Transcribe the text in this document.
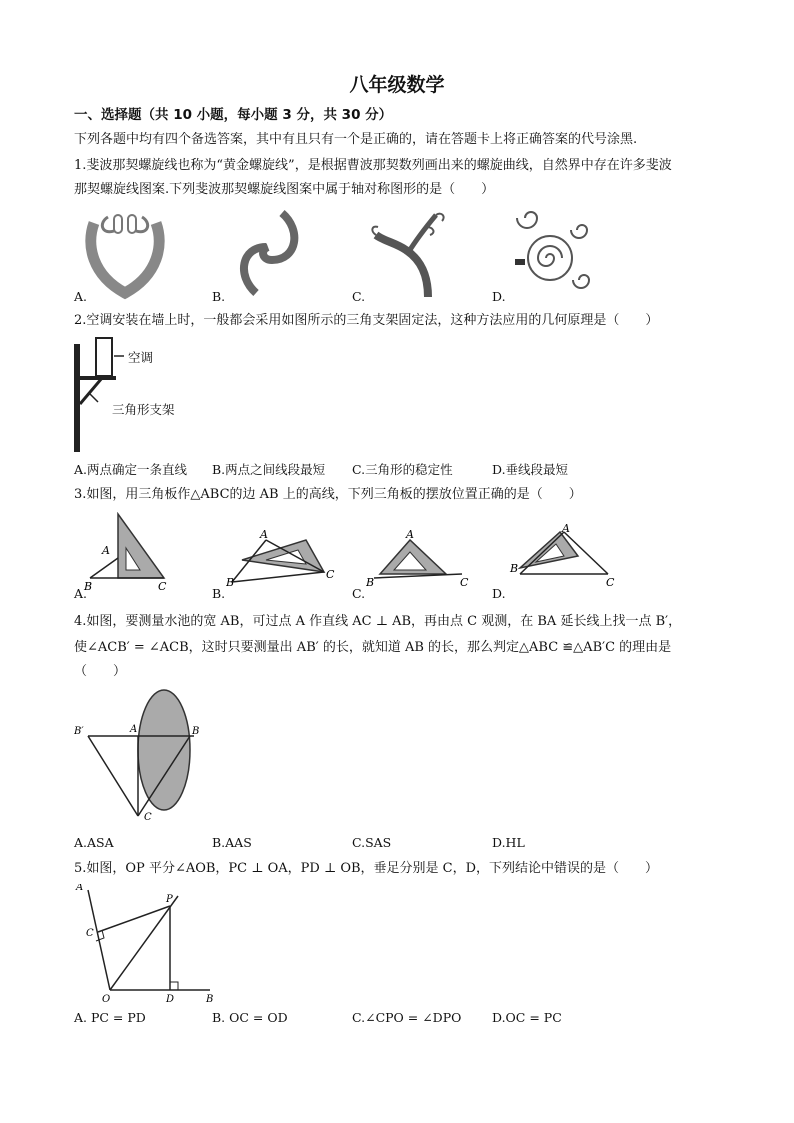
八年级数学
一、选择题（共 10 小题，每小题 3 分，共 30 分）
下列各题中均有四个备选答案，其中有且只有一个是正确的，请在答题卡上将正确答案的代号涂黑.
1.斐波那契螺旋线也称为“黄金螺旋线”，是根据曹波那契数列画出来的螺旋曲线，自然界中存在许多斐波
那契螺旋线图案.下列斐波那契螺旋线图案中属于轴对称图形的是（　　）
A.	B.	C.	D.
2.空调安装在墙上时，一般都会采用如图所示的三角支架固定法，这种方法应用的几何原理是（　　）
空调
三角形支架
A.两点确定一条直线 B.两点之间线段最短 C.三角形的稳定性	D.垂线段最短
3.如图，用三角板作△ABC的边 AB 上的高线，下列三角板的摆放位置正确的是（　　）
A
B	C
A.
A
B
C
B.
A
B	C
C.
A
B
C
D.
4.如图，要测量水池的宽 AB，可过点 A 作直线 AC ⊥ AB，再由点 C 观测，在 BA 延长线上找一点 B′，
使∠ACB′ = ∠ACB，这时只要测量出 AB′ 的长，就知道 AB 的长，那么判定△ABC ≌△AB′C 的理由是
（　　）
B′	A	B
C
A.ASA	B.AAS	C.SAS	D.HL
5.如图，OP 平分∠AOB，PC ⊥ OA，PD ⊥ OB，垂足分别是 C，D，下列结论中错误的是（　　）
A
P
C
O	D	B
A. PC = PD	B. OC = OD	C.∠CPO = ∠DPO D.OC = PC
